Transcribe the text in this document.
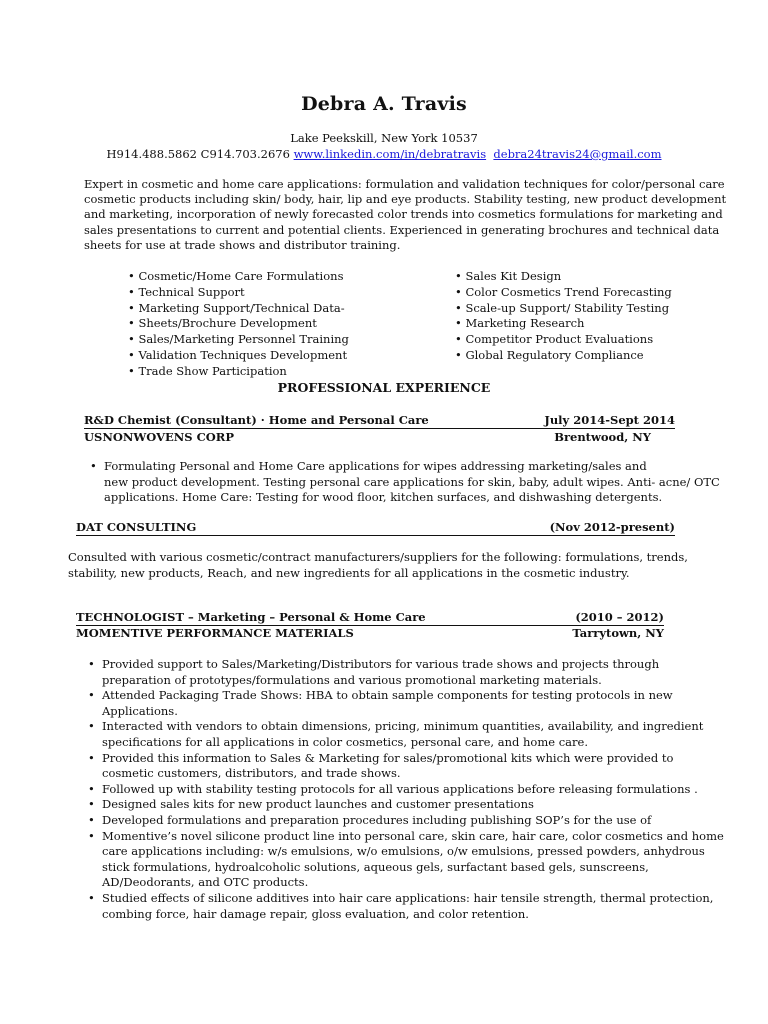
Debra A. Travis
Lake Peekskill, New York 10537
H914.488.5862 C914.703.2676 www.linkedin.com/in/debratravis debra24travis24@gmail.com
Expert in cosmetic and home care applications: formulation and validation techniques for color/personal care
cosmetic products including skin/ body, hair, lip and eye products. Stability testing, new product development
and marketing, incorporation of newly forecasted color trends into cosmetics formulations for marketing and
sales presentations to current and potential clients. Experienced in generating brochures and technical data
sheets for use at trade shows and distributor training.
• Cosmetic/Home Care Formulations
• Technical Support
• Marketing Support/Technical Data-
• Sheets/Brochure Development
• Sales/Marketing Personnel Training
• Validation Techniques Development
• Trade Show Participation
• Sales Kit Design
• Color Cosmetics Trend Forecasting
• Scale-up Support/ Stability Testing
• Marketing Research
• Competitor Product Evaluations
• Global Regulatory Compliance
PROFESSIONAL EXPERIENCE
R&D Chemist (Consultant) · Home and Personal Care	July 2014-Sept 2014
USNONWOVENS CORP	Brentwood, NY
• Formulating Personal and Home Care applications for wipes addressing marketing/sales and
new product development. Testing personal care applications for skin, baby, adult wipes. Anti- acne/ OTC
applications. Home Care: Testing for wood floor, kitchen surfaces, and dishwashing detergents.
DAT CONSULTING	(Nov 2012-present)
Consulted with various cosmetic/contract manufacturers/suppliers for the following: formulations, trends,
stability, new products, Reach, and new ingredients for all applications in the cosmetic industry.
TECHNOLOGIST – Marketing – Personal & Home Care	(2010 – 2012)
MOMENTIVE PERFORMANCE MATERIALS	Tarrytown, NY
• Provided support to Sales/Marketing/Distributors for various trade shows and projects through
preparation of prototypes/formulations and various promotional marketing materials.
• Attended Packaging Trade Shows: HBA to obtain sample components for testing protocols in new
Applications.
• Interacted with vendors to obtain dimensions, pricing, minimum quantities, availability, and ingredient
specifications for all applications in color cosmetics, personal care, and home care.
• Provided this information to Sales & Marketing for sales/promotional kits which were provided to
cosmetic customers, distributors, and trade shows.
• Followed up with stability testing protocols for all various applications before releasing formulations .
• Designed sales kits for new product launches and customer presentations
• Developed formulations and preparation procedures including publishing SOP’s for the use of
• Momentive’s novel silicone product line into personal care, skin care, hair care, color cosmetics and home
care applications including: w/s emulsions, w/o emulsions, o/w emulsions, pressed powders, anhydrous
stick formulations, hydroalcoholic solutions, aqueous gels, surfactant based gels, sunscreens,
AD/Deodorants, and OTC products.
• Studied effects of silicone additives into hair care applications: hair tensile strength, thermal protection,
combing force, hair damage repair, gloss evaluation, and color retention.
